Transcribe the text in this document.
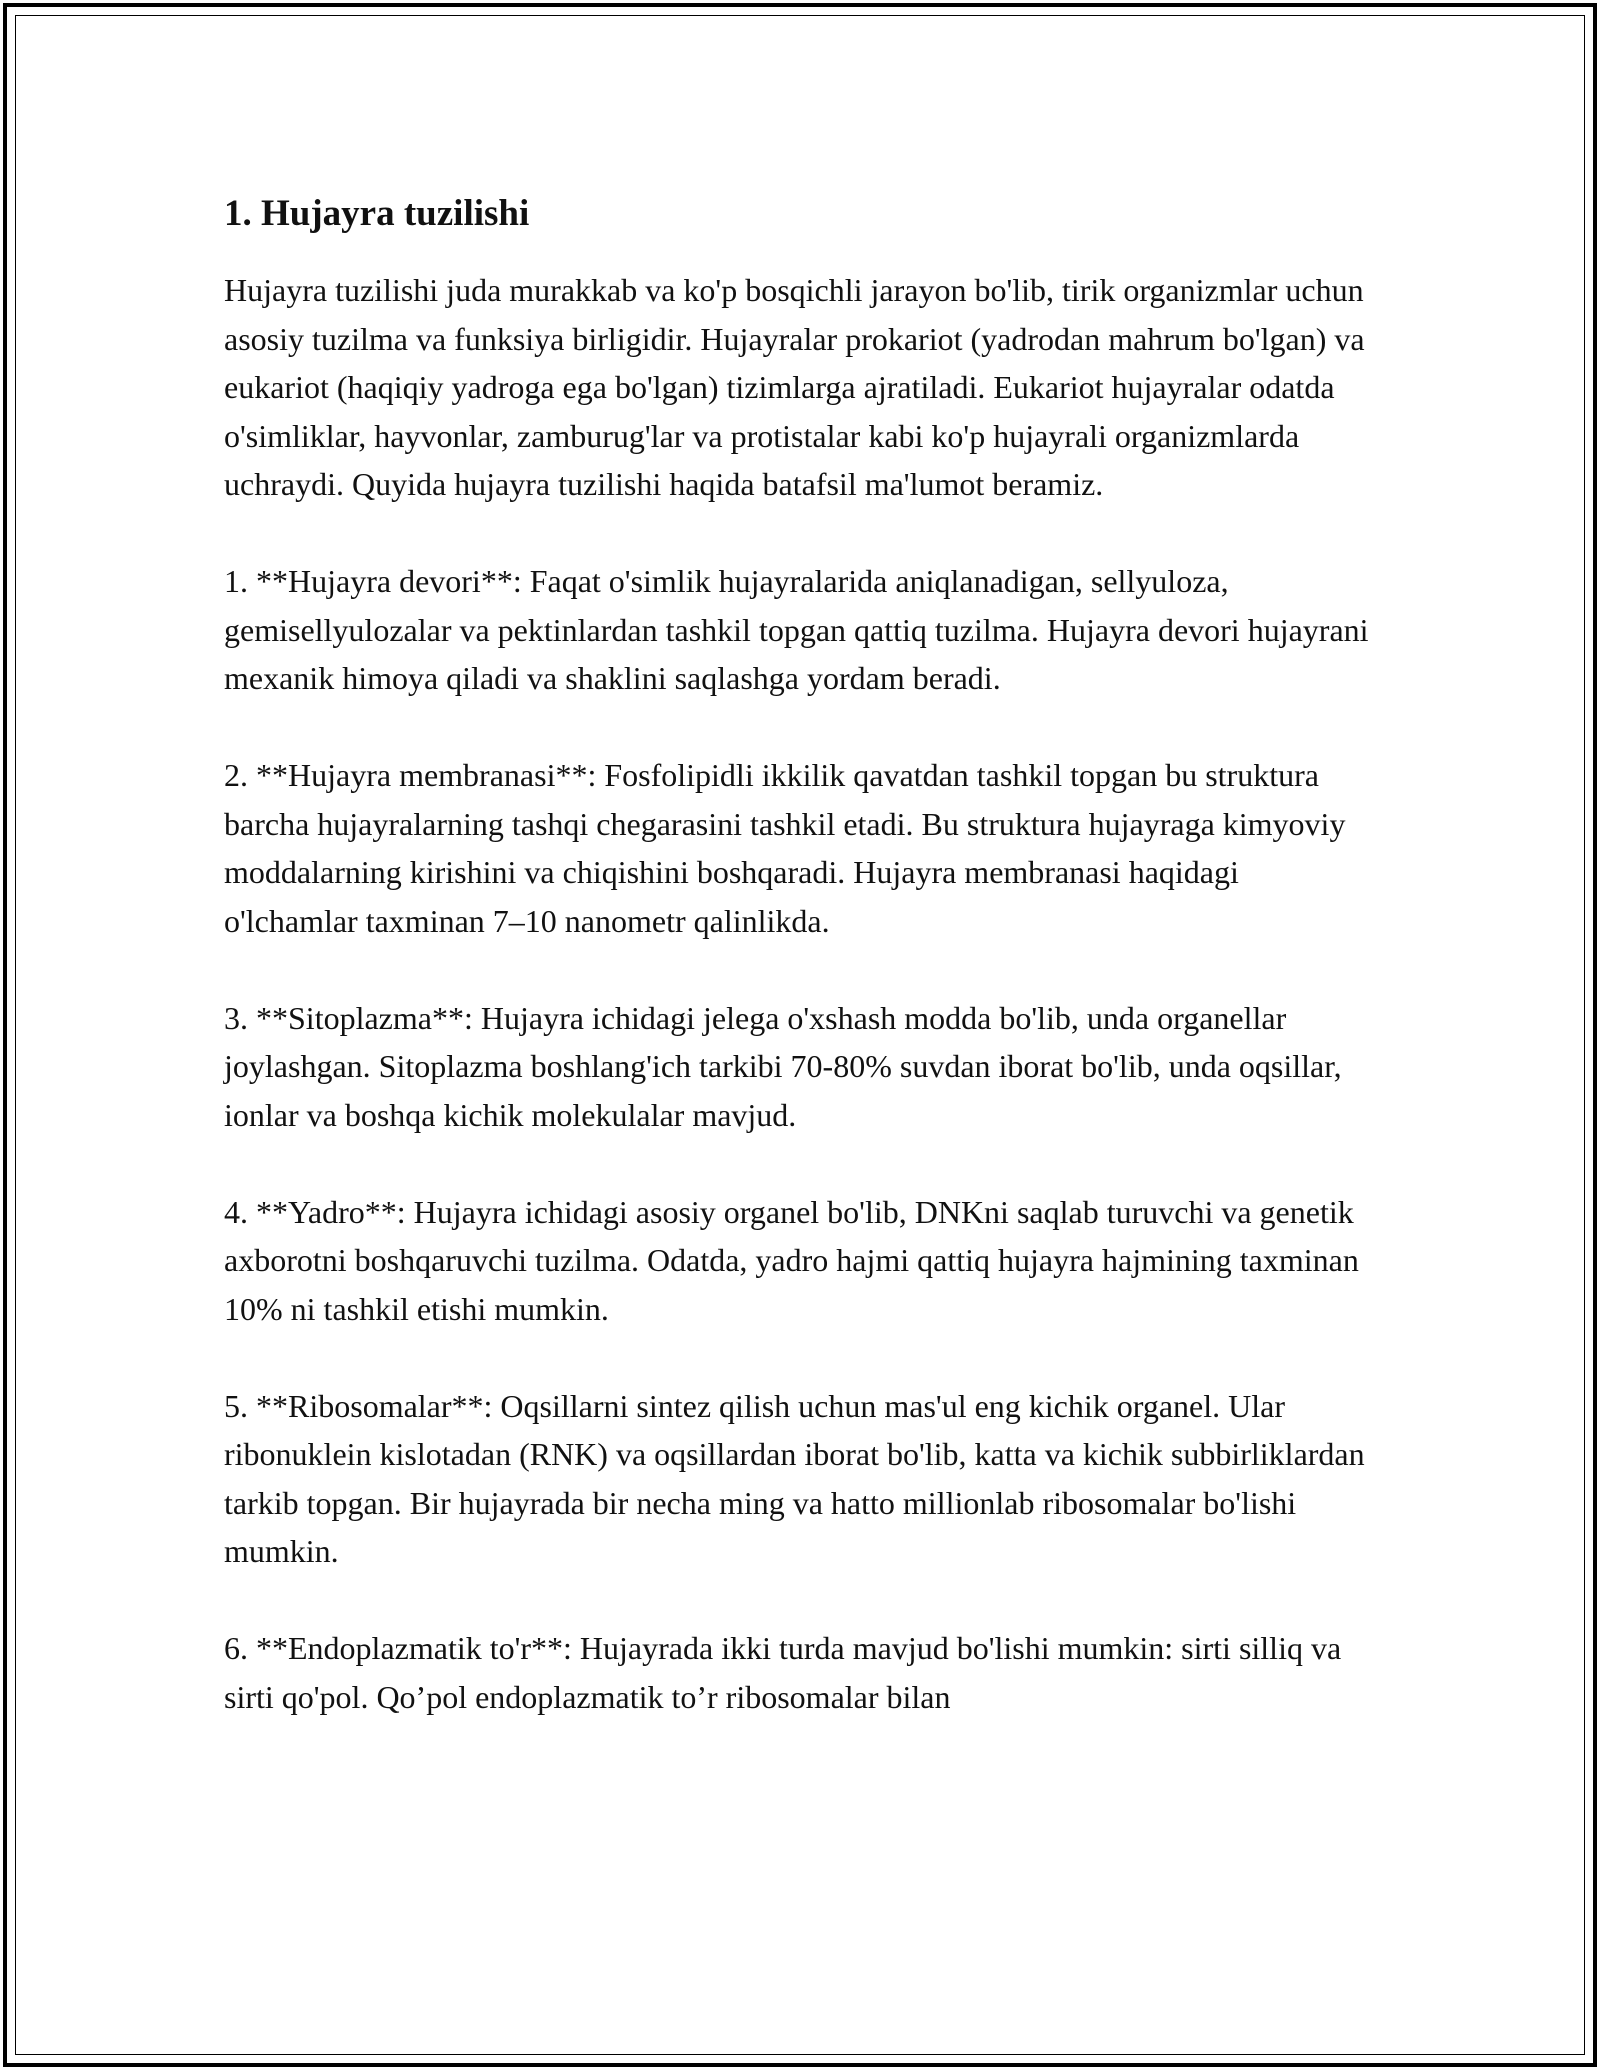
1. Hujayra tuzilishi

Hujayra tuzilishi juda murakkab va ko'p bosqichli jarayon bo'lib, tirik organizmlar uchun asosiy tuzilma va funksiya birligidir. Hujayralar prokariot (yadrodan mahrum bo'lgan) va eukariot (haqiqiy yadroga ega bo'lgan) tizimlarga ajratiladi. Eukariot hujayralar odatda o'simliklar, hayvonlar, zamburug'lar va protistalar kabi ko'p hujayrali organizmlarda uchraydi. Quyida hujayra tuzilishi haqida batafsil ma'lumot beramiz.

1. **Hujayra devori**: Faqat o'simlik hujayralarida aniqlanadigan, sellyuloza, gemisellyulozalar va pektinlardan tashkil topgan qattiq tuzilma. Hujayra devori hujayrani mexanik himoya qiladi va shaklini saqlashga yordam beradi.

2. **Hujayra membranasi**: Fosfolipidli ikkilik qavatdan tashkil topgan bu struktura barcha hujayralarning tashqi chegarasini tashkil etadi. Bu struktura hujayraga kimyoviy moddalarning kirishini va chiqishini boshqaradi. Hujayra membranasi haqidagi o'lchamlar taxminan 7–10 nanometr qalinlikda.

3. **Sitoplazma**: Hujayra ichidagi jelega o'xshash modda bo'lib, unda organellar joylashgan. Sitoplazma boshlang'ich tarkibi 70-80% suvdan iborat bo'lib, unda oqsillar, ionlar va boshqa kichik molekulalar mavjud.

4. **Yadro**: Hujayra ichidagi asosiy organel bo'lib, DNKni saqlab turuvchi va genetik axborotni boshqaruvchi tuzilma. Odatda, yadro hajmi qattiq hujayra hajmining taxminan 10% ni tashkil etishi mumkin.

5. **Ribosomalar**: Oqsillarni sintez qilish uchun mas'ul eng kichik organel. Ular ribonuklein kislotadan (RNK) va oqsillardan iborat bo'lib, katta va kichik subbirliklardan tarkib topgan. Bir hujayrada bir necha ming va hatto millionlab ribosomalar bo'lishi mumkin.

6. **Endoplazmatik to'r**: Hujayrada ikki turda mavjud bo'lishi mumkin: sirti silliq va sirti qo'pol. Qo’pol endoplazmatik to’r ribosomalar bilan
